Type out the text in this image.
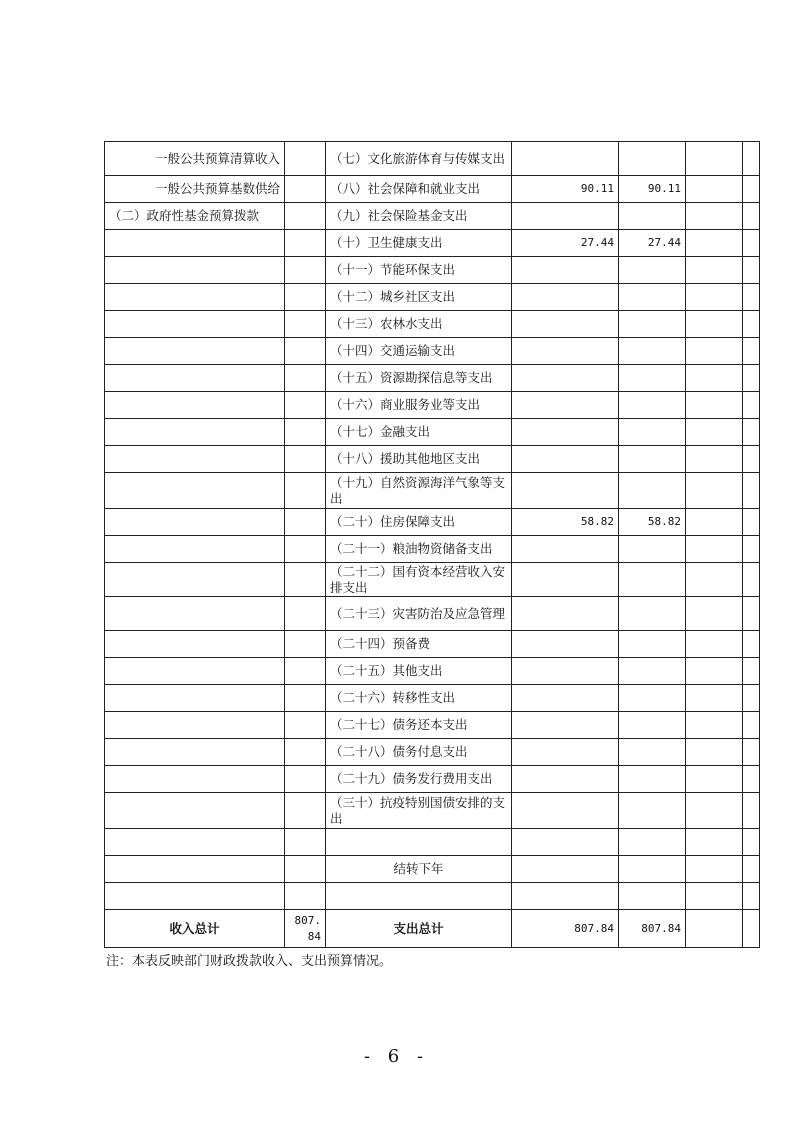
一般公共预算清算收入		（七）文化旅游体育与传媒支出				
一般公共预算基数供给		（八）社会保障和就业支出	90.11	90.11		
（二）政府性基金预算拨款		（九）社会保险基金支出				
		（十）卫生健康支出	27.44	27.44		
		（十一）节能环保支出				
		（十二）城乡社区支出				
		（十三）农林水支出				
		（十四）交通运输支出				
		（十五）资源勘探信息等支出				
		（十六）商业服务业等支出				
		（十七）金融支出				
		（十八）援助其他地区支出				
		（十九）自然资源海洋气象等支出				
		（二十）住房保障支出	58.82	58.82		
		（二十一）粮油物资储备支出				
		（二十二）国有资本经营收入安排支出				
		（二十三）灾害防治及应急管理				
		（二十四）预备费				
		（二十五）其他支出				
		（二十六）转移性支出				
		（二十七）债务还本支出				
		（二十八）债务付息支出				
		（二十九）债务发行费用支出				
		（三十）抗疫特别国债安排的支出				

		结转下年				

收入总计	807.84	支出总计	807.84	807.84		
注：本表反映部门财政拨款收入、支出预算情况。
- 6 -
